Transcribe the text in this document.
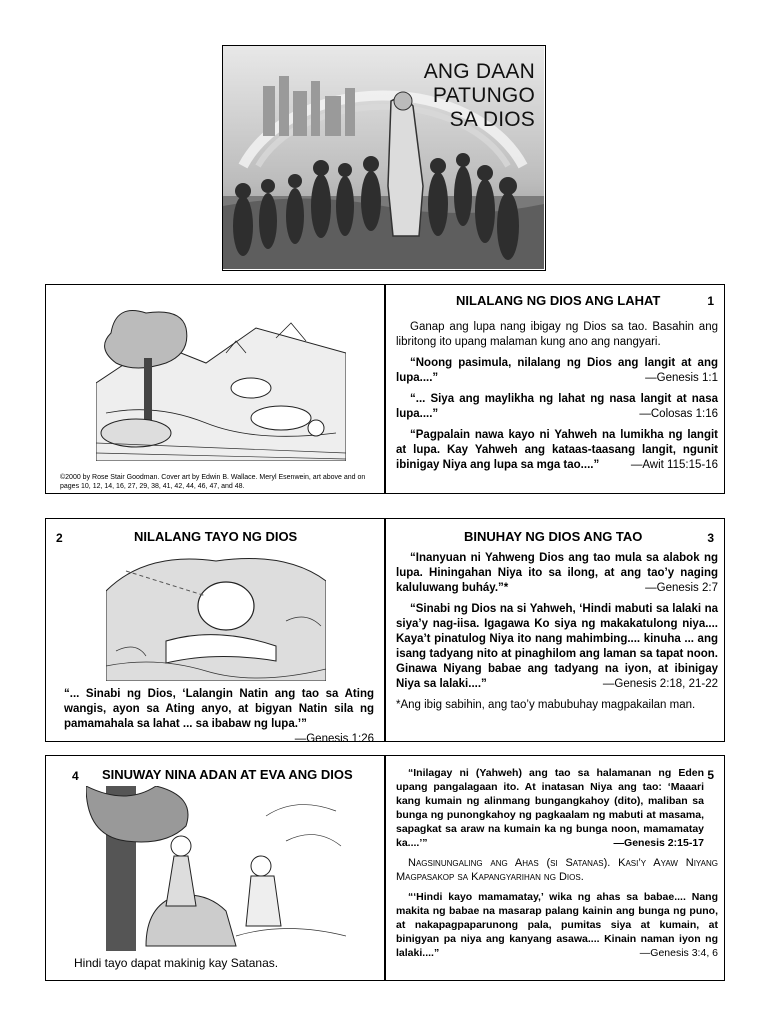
ANG DAAN
PATUNGO
SA DIOS
©2000 by Rose Stair Goodman. Cover art by Edwin B. Wallace. Meryl Esenwein, art above and on pages 10, 12, 14, 16, 27, 29, 38, 41, 42, 44, 46, 47, and 48.
NILALANG NG DIOS ANG LAHAT	1

Ganap ang lupa nang ibigay ng Dios sa tao. Basahin ang libritong ito upang malaman kung ano ang nangyari.

“Noong pasimula, nilalang ng Dios ang langit at ang lupa....”	—Genesis 1:1

“... Siya ang maylikha ng lahat ng nasa langit at nasa lupa....”	—Colosas 1:16

“Pagpalain nawa kayo ni Yahweh na lumikha ng langit at lupa. Kay Yahweh ang kataas-taasang langit, ngunit ibinigay Niya ang lupa sa mga tao....”	—Awit 115:15-16

2	NILALANG TAYO NG DIOS
“... Sinabi ng Dios, ‘Lalangin Natin ang tao sa Ating wangis, ayon sa Ating anyo, at bigyan Natin sila ng pamamahala sa lahat ... sa ibabaw ng lupa.’”
—Genesis 1:26
BINUHAY NG DIOS ANG TAO	3

“Inanyuan ni Yahweng Dios ang tao mula sa alabok ng lupa. Hiningahan Niya ito sa ilong, at ang tao’y naging kaluluwang buháy.”*	—Genesis 2:7

“Sinabi ng Dios na si Yahweh, ‘Hindi mabuti sa lalaki na siya’y nag-iisa. Igagawa Ko siya ng makakatulong niya.... Kaya’t pinatulog Niya ito nang mahimbing.... kinuha ... ang isang tadyang nito at pinaghilom ang laman sa tapat noon. Ginawa Niyang babae ang tadyang na iyon, at ibinigay Niya sa lalaki....”	—Genesis 2:18, 21-22

*Ang ibig sabihin, ang tao’y mabubuhay magpakailan man.

4 SINUWAY NINA ADAN AT EVA ANG DIOS
Hindi tayo dapat makinig kay Satanas.
5

“Inilagay ni (Yahweh) ang tao sa halamanan ng Eden upang pangalagaan ito. At inatasan Niya ang tao: ‘Maaari kang kumain ng alinmang bungangkahoy (dito), maliban sa bunga ng punongkahoy ng pagkaalam ng mabuti at masama, sapagkat sa araw na kumain ka ng bunga noon, mamamatay ka....’”	—Genesis 2:15-17

Nagsinungaling ang Ahas (si Satanas). Kasi’y Ayaw Niyang Magpasakop sa Kapangyarihan ng Dios.

“‘Hindi kayo mamamatay,’ wika ng ahas sa babae.... Nang makita ng babae na masarap palang kainin ang bunga ng puno, at nakapagpaparunong pala, pumitas siya at kumain, at binigyan pa niya ang kanyang asawa.... Kinain naman iyon ng lalaki....”	—Genesis 3:4, 6
